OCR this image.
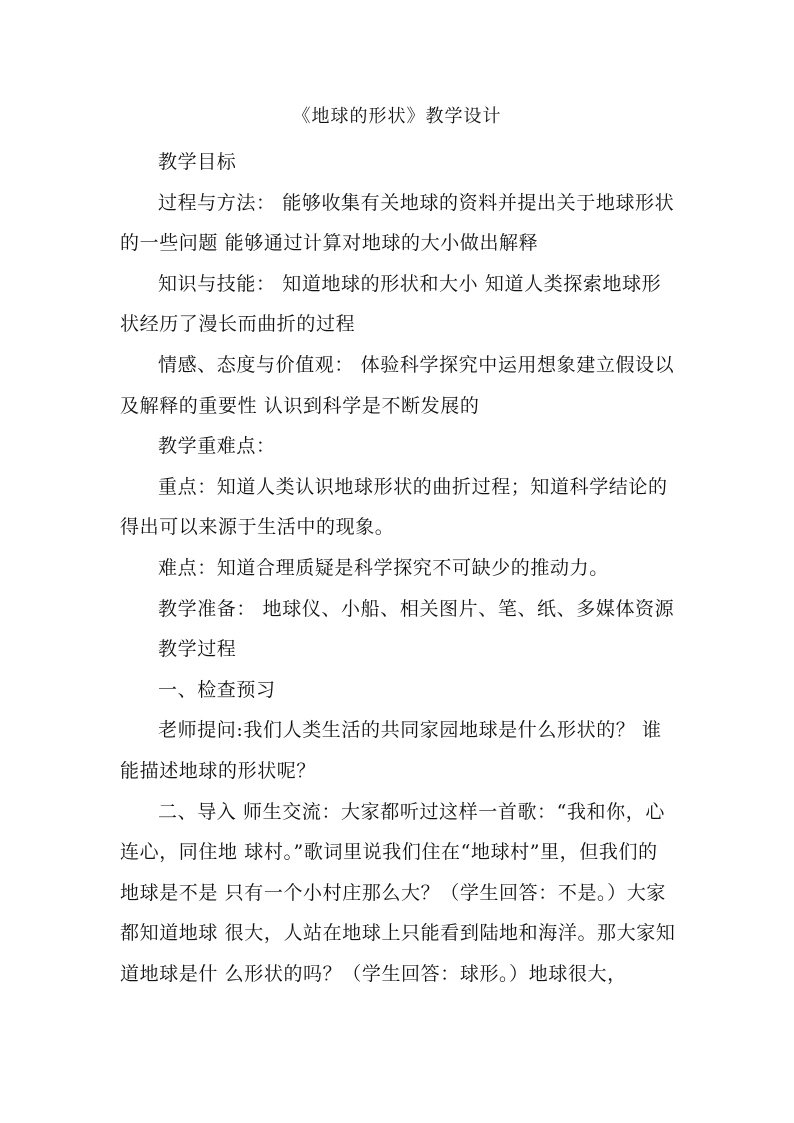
《地球的形状》教学设计

教学目标

过程与方法： 能够收集有关地球的资料并提出关于地球形状的一些问题 能够通过计算对地球的大小做出解释

知识与技能： 知道地球的形状和大小 知道人类探索地球形状经历了漫长而曲折的过程

情感、态度与价值观： 体验科学探究中运用想象建立假设以及解释的重要性 认识到科学是不断发展的

教学重难点：

重点：知道人类认识地球形状的曲折过程；知道科学结论的得出可以来源于生活中的现象。

难点：知道合理质疑是科学探究不可缺少的推动力。

教学准备： 地球仪、小船、相关图片、笔、纸、多媒体资源

教学过程

一、检查预习

老师提问:我们人类生活的共同家园地球是什么形状的？ 谁能描述地球的形状呢？

二、导入 师生交流：大家都听过这样一首歌：“我和你，心连心，同住地 球村。”歌词里说我们住在“地球村”里，但我们的地球是不是 只有一个小村庄那么大？（学生回答：不是。）大家都知道地球 很大，人站在地球上只能看到陆地和海洋。那大家知道地球是什 么形状的吗？（学生回答：球形。）地球很大，
